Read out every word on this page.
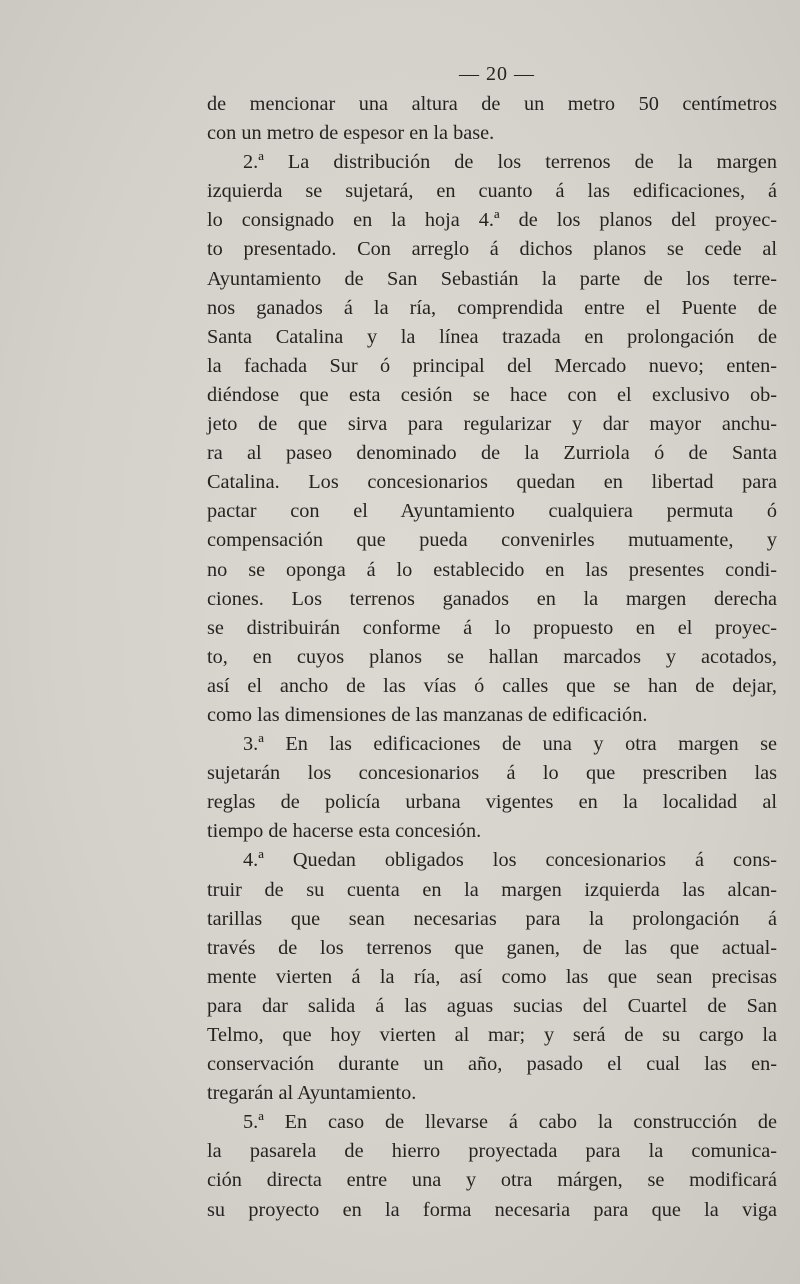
— 20 —
de mencionar una altura de un metro 50 centímetros
con un metro de espesor en la base.
2.ª La distribución de los terrenos de la margen
izquierda se sujetará, en cuanto á las edificaciones, á
lo consignado en la hoja 4.ª de los planos del proyec-
to presentado. Con arreglo á dichos planos se cede al
Ayuntamiento de San Sebastián la parte de los terre-
nos ganados á la ría, comprendida entre el Puente de
Santa Catalina y la línea trazada en prolongación de
la fachada Sur ó principal del Mercado nuevo; enten-
diéndose que esta cesión se hace con el exclusivo ob-
jeto de que sirva para regularizar y dar mayor anchu-
ra al paseo denominado de la Zurriola ó de Santa
Catalina. Los concesionarios quedan en libertad para
pactar con el Ayuntamiento cualquiera permuta ó
compensación que pueda convenirles mutuamente, y
no se oponga á lo establecido en las presentes condi-
ciones. Los terrenos ganados en la margen derecha
se distribuirán conforme á lo propuesto en el proyec-
to, en cuyos planos se hallan marcados y acotados,
así el ancho de las vías ó calles que se han de dejar,
como las dimensiones de las manzanas de edificación.
3.ª En las edificaciones de una y otra margen se
sujetarán los concesionarios á lo que prescriben las
reglas de policía urbana vigentes en la localidad al
tiempo de hacerse esta concesión.
4.ª Quedan obligados los concesionarios á cons-
truir de su cuenta en la margen izquierda las alcan-
tarillas que sean necesarias para la prolongación á
través de los terrenos que ganen, de las que actual-
mente vierten á la ría, así como las que sean precisas
para dar salida á las aguas sucias del Cuartel de San
Telmo, que hoy vierten al mar; y será de su cargo la
conservación durante un año, pasado el cual las en-
tregarán al Ayuntamiento.
5.ª En caso de llevarse á cabo la construcción de
la pasarela de hierro proyectada para la comunica-
ción directa entre una y otra márgen, se modificará
su proyecto en la forma necesaria para que la viga
